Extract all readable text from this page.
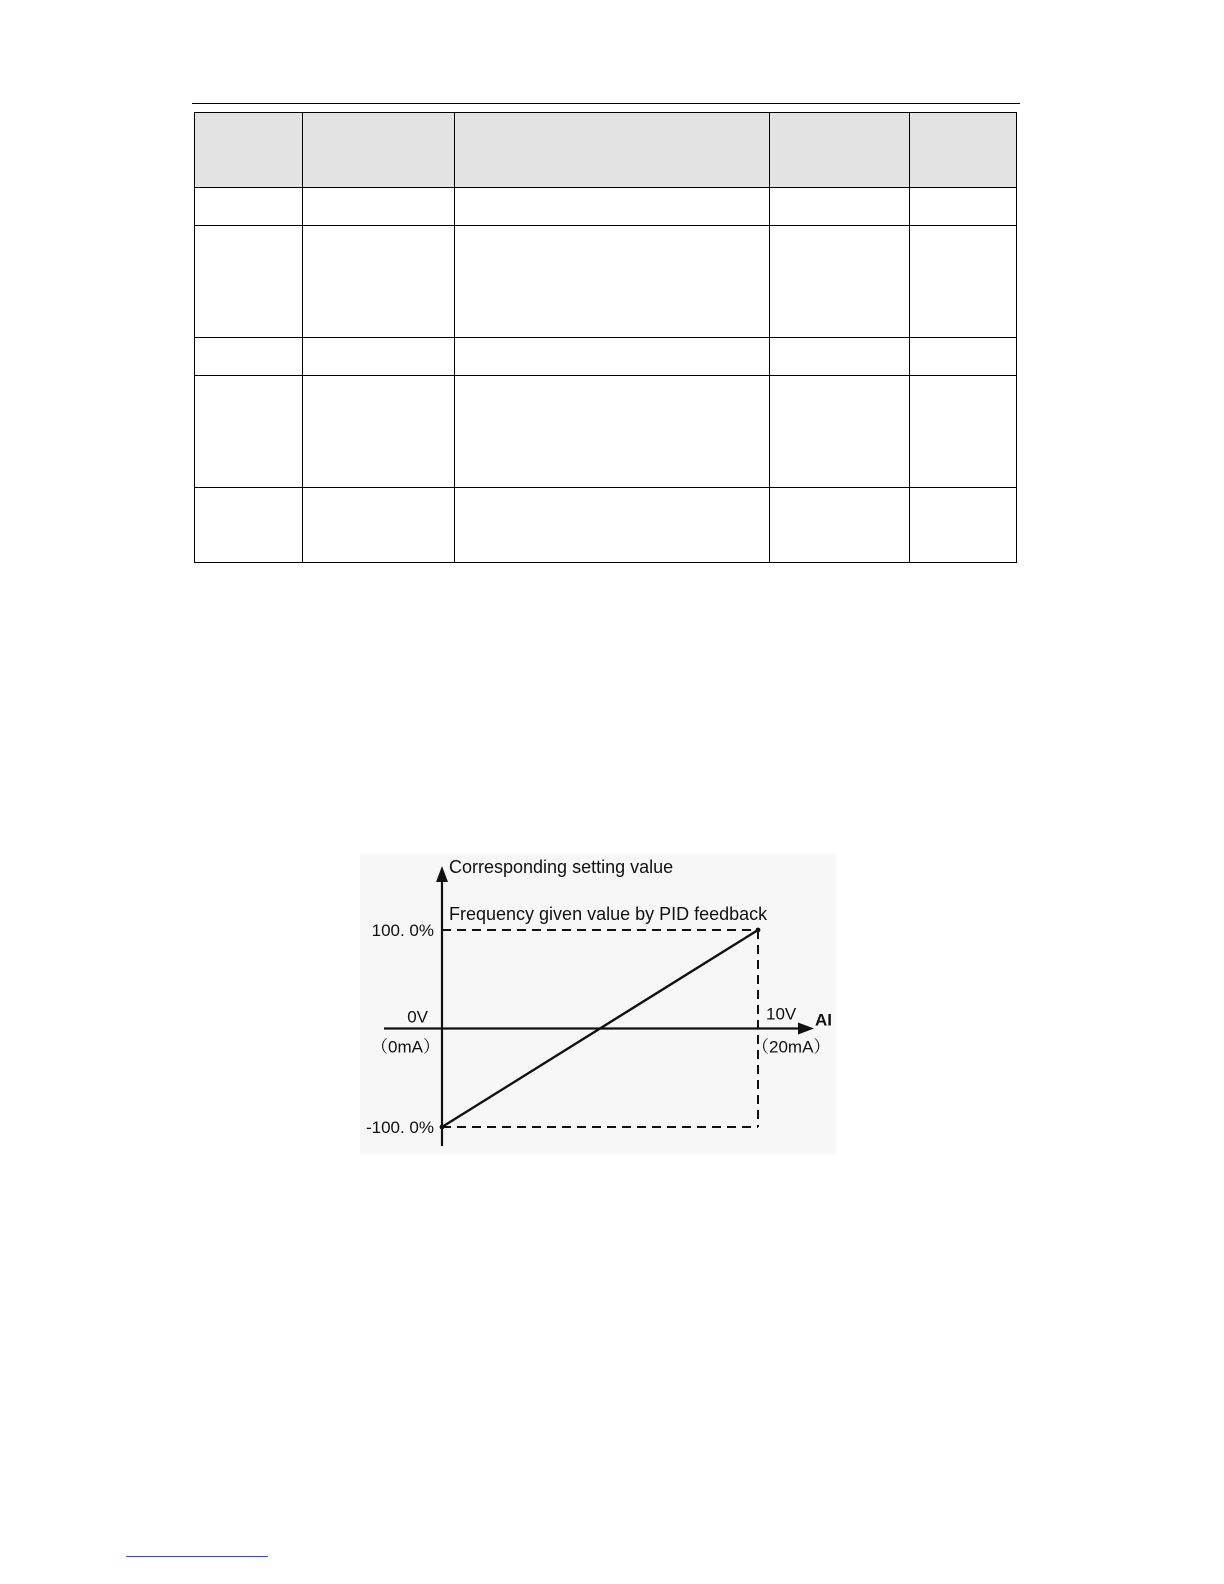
Corresponding setting value
Frequency given value by PID feedback
100. 0%
-100. 0%
0V
（0mA）
10V
（20mA）
AI
